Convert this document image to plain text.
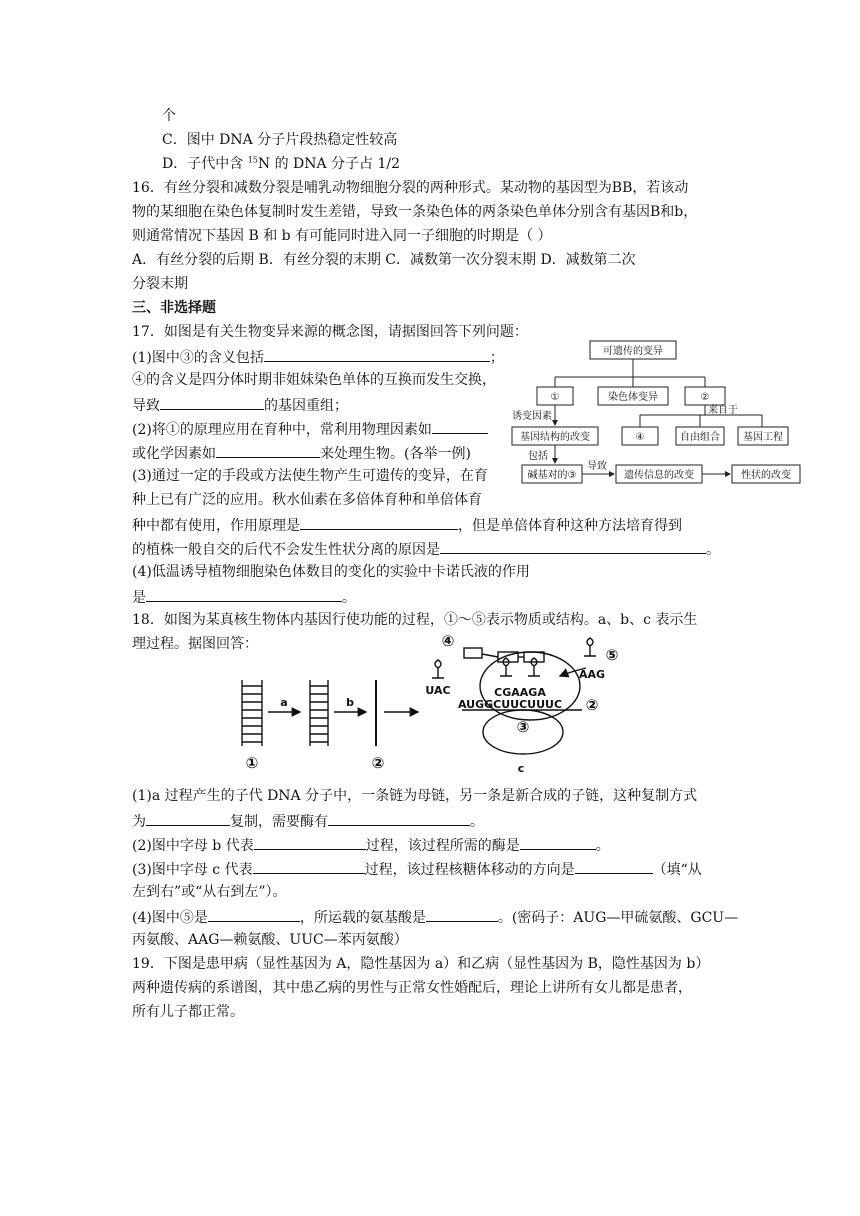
个
C．图中 DNA 分子片段热稳定性较高
D．子代中含 $^{15}$N 的 DNA 分子占 1/2
16．有丝分裂和减数分裂是哺乳动物细胞分裂的两种形式。某动物的基因型为BB，若该动
物的某细胞在染色体复制时发生差错，导致一条染色体的两条染色单体分别含有基因B和b，
则通常情况下基因 B 和 b 有可能同时进入同一子细胞的时期是（ ）
A．有丝分裂的后期 B．有丝分裂的末期 C．减数第一次分裂末期 D．减数第二次
分裂末期
三、非选择题
17．如图是有关生物变异来源的概念图，请据图回答下列问题：
(1)图中③的含义包括	；
④的含义是四分体时期非姐妹染色单体的互换而发生交换，
导致	的基因重组；
(2)将①的原理应用在育种中，常利用物理因素如
或化学因素如	来处理生物。(各举一例)
(3)通过一定的手段或方法使生物产生可遗传的变异，在育
种上已有广泛的应用。秋水仙素在多倍体育种和单倍体育
种中都有使用，作用原理是	，但是单倍体育种这种方法培育得到
的植株一般自交的后代不会发生性状分离的原因是	。
(4)低温诱导植物细胞染色体数目的变化的实验中卡诺氏液的作用
是	。
可遗传的变异
①	染色体变异	②
基因结构的改变	④	自由组合 基因工程
碱基对的③	遗传信息的改变	性状的改变
诱变因素
来自于
包括
导致
18．如图为某真核生物体内基因行使功能的过程，①～⑤表示物质或结构。a、b、c 表示生
理过程。据图回答：
①
a	b
②
④
⑤
UAC
AAG
CGAAGA
AUGGCUUCUUUC ②
③
c
(1)a 过程产生的子代 DNA 分子中，一条链为母链，另一条是新合成的子链，这种复制方式
为	复制，需要酶有	。
(2)图中字母 b 代表	过程，该过程所需的酶是	。
(3)图中字母 c 代表	过程，该过程核糖体移动的方向是	（填“从
左到右”或“从右到左”）。
(4)图中⑤是	，所运载的氨基酸是	。(密码子：AUG—甲硫氨酸、GCU—
丙氨酸、AAG—赖氨酸、UUC—苯丙氨酸）
19．下图是患甲病（显性基因为 A，隐性基因为 a）和乙病（显性基因为 B，隐性基因为 b）
两种遗传病的系谱图，其中患乙病的男性与正常女性婚配后，理论上讲所有女儿都是患者，
所有儿子都正常。
